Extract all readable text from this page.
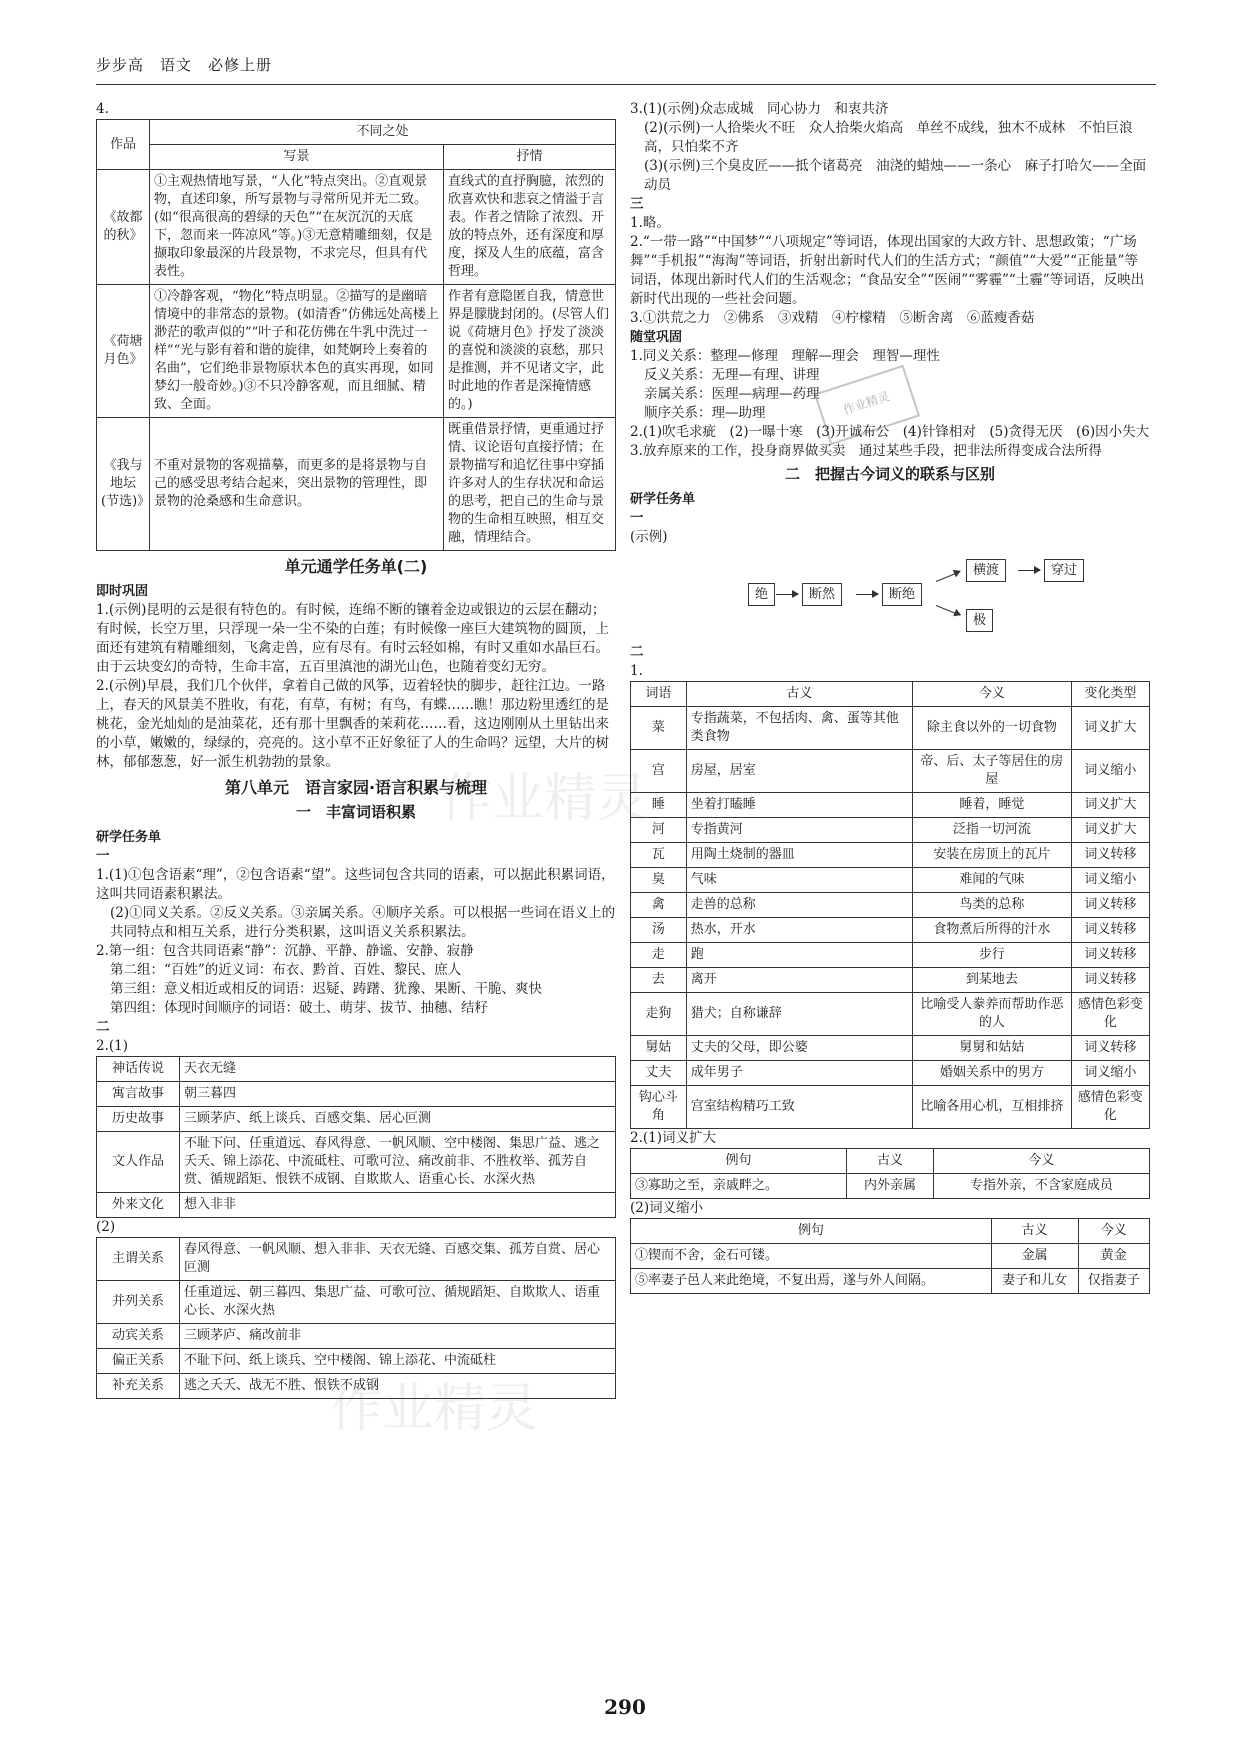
步步高　语文　必修上册

4.

作品	不同之处	
	写景	抒情
《故都的秋》	①主观热情地写景，“人化”特点突出。②直观景物，直述印象，所写景物与寻常所见并无二致。(如“很高很高的碧绿的天色”“在灰沉沉的天底下，忽而来一阵凉风”等。)③无意精雕细刻，仅是撷取印象最深的片段景物，不求完尽，但具有代表性。	直线式的直抒胸臆，浓烈的欣喜欢快和悲哀之情溢于言表。作者之情除了浓烈、开放的特点外，还有深度和厚度，探及人生的底蕴，富含哲理。
《荷塘月色》	①冷静客观，“物化”特点明显。②描写的是幽暗情境中的非常态的景物。(如清香“仿佛远处高楼上渺茫的歌声似的”“叶子和花仿佛在牛乳中洗过一样”“光与影有着和谐的旋律，如梵婀玲上奏着的名曲”，它们绝非景物原状本色的真实再现，如同梦幻一般奇妙。)③不只冷静客观，而且细腻、精致、全面。	作者有意隐匿自我，情意世界是朦胧封闭的。(尽管人们说《荷塘月色》抒发了淡淡的喜悦和淡淡的哀愁，那只是推测，并不见诸文字，此时此地的作者是深掩情感的。)
《我与地坛(节选)》	不重对景物的客观描摹，而更多的是将景物与自己的感受思考结合起来，突出景物的管理性，即景物的沧桑感和生命意识。	既重借景抒情，更重通过抒情、议论语句直接抒情；在景物描写和追忆往事中穿插许多对人的生存状况和命运的思考，把自己的生命与景物的生命相互映照，相互交融，情理结合。
单元通学任务单(二)

即时巩固

1.(示例)昆明的云是很有特色的。有时候，连绵不断的镶着金边或银边的云层在翻动；有时候，长空万里，只浮现一朵一尘不染的白莲；有时候像一座巨大建筑物的圆顶，上面还有建筑有精雕细刻，飞禽走兽，应有尽有。有时云轻如棉，有时又重如水晶巨石。由于云块变幻的奇特，生命丰富，五百里滇池的湖光山色，也随着变幻无穷。

2.(示例)早晨，我们几个伙伴，拿着自己做的风筝，迈着轻快的脚步，赶往江边。一路上，春天的风景美不胜收，有花，有草，有树；有鸟，有蝶……瞧！那边粉里透红的是桃花，金光灿灿的是油菜花，还有那十里飘香的茉莉花……看，这边刚刚从土里钻出来的小草，嫩嫩的，绿绿的，亮亮的。这小草不正好象征了人的生命吗？远望，大片的树林，郁郁葱葱，好一派生机勃勃的景象。

第八单元　语言家园·语言积累与梳理
一　丰富词语积累

研学任务单

一

1.(1)①包含语素“理”，②包含语素“望”。这些词包含共同的语素，可以据此积累词语，这叫共同语素积累法。

(2)①同义关系。②反义关系。③亲属关系。④顺序关系。可以根据一些词在语义上的共同特点和相互关系，进行分类积累，这叫语义关系积累法。

2.第一组：包含共同语素“静”：沉静、平静、静谧、安静、寂静

第二组：“百姓”的近义词：布衣、黔首、百姓、黎民、庶人

第三组：意义相近或相反的词语：迟疑、踌躇、犹豫、果断、干脆、爽快

第四组：体现时间顺序的词语：破土、萌芽、拔节、抽穗、结籽

二

2.(1)

神话传说	天衣无缝
寓言故事	朝三暮四
历史故事	三顾茅庐、纸上谈兵、百感交集、居心叵测
文人作品	不耻下问、任重道远、春风得意、一帆风顺、空中楼阁、集思广益、逃之夭夭、锦上添花、中流砥柱、可歌可泣、痛改前非、不胜枚举、孤芳自赏、循规蹈矩、恨铁不成钢、自欺欺人、语重心长、水深火热
外来文化	想入非非

(2)

主谓关系	春风得意、一帆风顺、想入非非、天衣无缝、百感交集、孤芳自赏、居心叵测
并列关系	任重道远、朝三暮四、集思广益、可歌可泣、循规蹈矩、自欺欺人、语重心长、水深火热
动宾关系	三顾茅庐、痛改前非
偏正关系	不耻下问、纸上谈兵、空中楼阁、锦上添花、中流砥柱
补充关系	逃之夭夭、战无不胜、恨铁不成钢

3.(1)(示例)众志成城　同心协力　和衷共济

(2)(示例)一人拾柴火不旺　众人拾柴火焰高　单丝不成线，独木不成林　不怕巨浪高，只怕桨不齐

(3)(示例)三个臭皮匠——抵个诸葛亮　油浇的蜡烛——一条心　麻子打哈欠——全面动员

三

1.略。

2.“一带一路”“中国梦”“八项规定”等词语，体现出国家的大政方针、思想政策；“广场舞”“手机报”“海淘”等词语，折射出新时代人们的生活方式；“颜值”“大爱”“正能量”等词语，体现出新时代人们的生活观念；“食品安全”“医闹”“雾霾”“土霾”等词语，反映出新时代出现的一些社会问题。

3.①洪荒之力　②佛系　③戏精　④柠檬精　⑤断舍离　⑥蓝瘦香菇

随堂巩固

1.同义关系：整理—修理　理解—理会　理智—理性

反义关系：无理—有理、讲理

亲属关系：医理—病理—药理

顺序关系：理—助理

2.(1)吹毛求疵　(2)一曝十寒　(3)开诚布公　(4)针锋相对　(5)贪得无厌　(6)因小失大

3.放弃原来的工作，投身商界做买卖　通过某些手段，把非法所得变成合法所得

二　把握古今词义的联系与区别

研学任务单

一

(示例)

绝	断然	断绝
横渡	穿过
极

二

1.

词语	古义	今义	变化类型
菜	专指蔬菜，不包括肉、禽、蛋等其他类食物	除主食以外的一切食物	词义扩大
宫	房屋，居室	帝、后、太子等居住的房屋	词义缩小
睡	坐着打瞌睡	睡着，睡觉	词义扩大
河	专指黄河	泛指一切河流	词义扩大
瓦	用陶土烧制的器皿	安装在房顶上的瓦片	词义转移
臭	气味	难闻的气味	词义缩小
禽	走兽的总称	鸟类的总称	词义转移
汤	热水，开水	食物煮后所得的汁水	词义转移
走	跑	步行	词义转移
去	离开	到某地去	词义转移
走狗	猎犬；自称谦辞	比喻受人豢养而帮助作恶的人	感情色彩变化
舅姑	丈夫的父母，即公婆	舅舅和姑姑	词义转移
丈夫	成年男子	婚姻关系中的男方	词义缩小
钩心斗角	宫室结构精巧工致	比喻各用心机，互相排挤	感情色彩变化

2.(1)词义扩大

例句	古义	今义
③寡助之至，亲戚畔之。	内外亲属	专指外亲，不含家庭成员

(2)词义缩小

例句	古义	今义
①锲而不舍，金石可镂。	金属	黄金
⑤率妻子邑人来此绝境，不复出焉，遂与外人间隔。	妻子和儿女	仅指妻子
作业精灵
作业精灵
作业精灵
290
